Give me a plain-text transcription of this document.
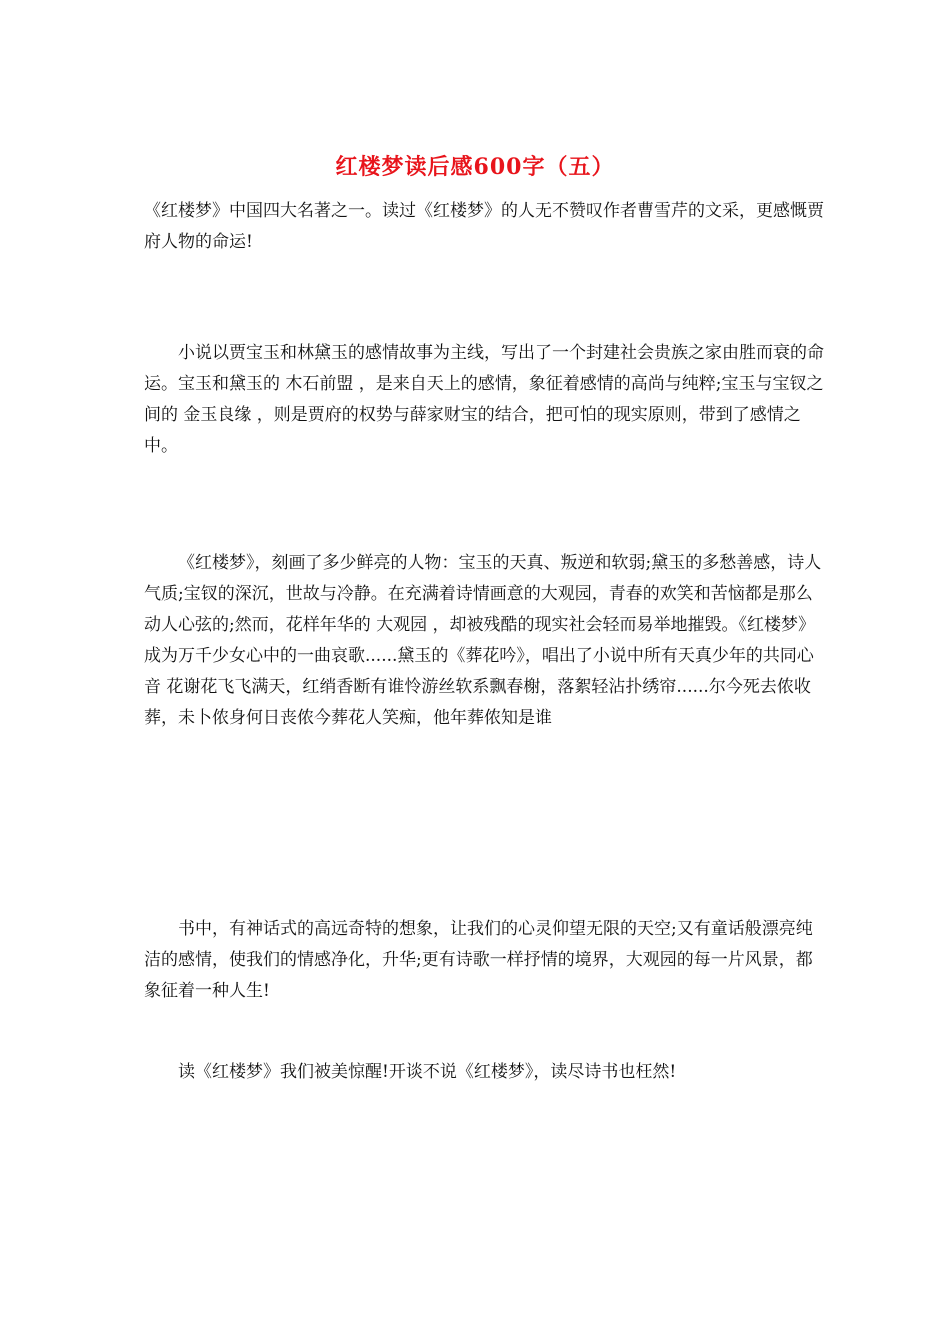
红楼梦读后感600字（五）

《红楼梦》中国四大名著之一。读过《红楼梦》的人无不赞叹作者曹雪芹的文采，更感慨贾府人物的命运!

小说以贾宝玉和林黛玉的感情故事为主线，写出了一个封建社会贵族之家由胜而衰的命运。宝玉和黛玉的 木石前盟 ，是来自天上的感情，象征着感情的高尚与纯粹;宝玉与宝钗之间的 金玉良缘 ，则是贾府的权势与薛家财宝的结合，把可怕的现实原则，带到了感情之中。

《红楼梦》，刻画了多少鲜亮的人物：宝玉的天真、叛逆和软弱;黛玉的多愁善感，诗人气质;宝钗的深沉，世故与冷静。在充满着诗情画意的大观园，青春的欢笑和苦恼都是那么动人心弦的;然而，花样年华的 大观园 ，却被残酷的现实社会轻而易举地摧毁。《红楼梦》成为万千少女心中的一曲哀歌......黛玉的《葬花吟》，唱出了小说中所有天真少年的共同心音 花谢花飞飞满天，红绡香断有谁怜游丝软系飘春榭，落絮轻沾扑绣帘......尔今死去侬收葬，未卜侬身何日丧侬今葬花人笑痴，他年葬侬知是谁

书中，有神话式的高远奇特的想象，让我们的心灵仰望无限的天空;又有童话般漂亮纯洁的感情，使我们的情感净化，升华;更有诗歌一样抒情的境界，大观园的每一片风景，都象征着一种人生!

读《红楼梦》我们被美惊醒!开谈不说《红楼梦》，读尽诗书也枉然!
